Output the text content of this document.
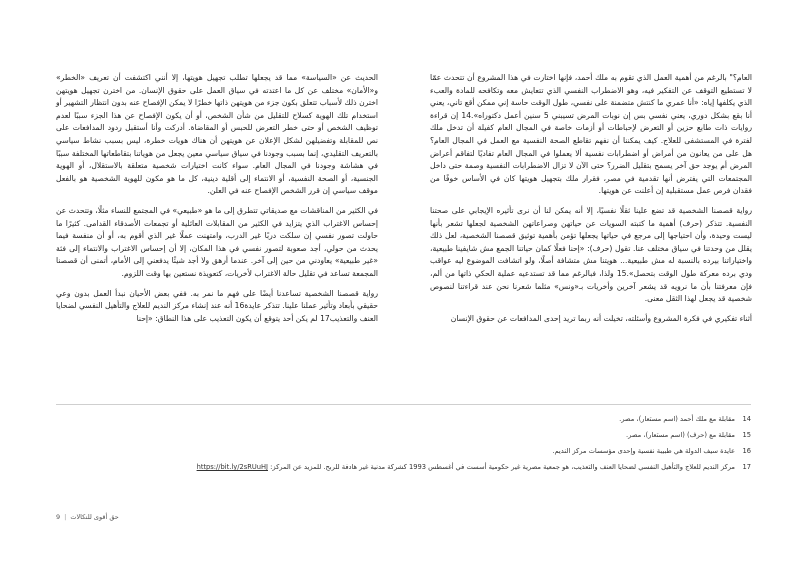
العام؟" بالرغم من أهمية العمل الذي تقوم به ملك أحمد، فإنها اختارت في هذا المشروع أن تتحدث عمّا لا تستطيع التوقف عن التفكير فيه، وهو الاضطراب النفسي الذي تتعايش معه وتكافحه للمادة والعبء الذي يكلفها إياه: «أنا عمري ما كنتش متضمنة على نفسي، طول الوقت حاسة إني ممكن أقع تاني، يعني أنا بقع بشكل دوري، يعني نفسي بس إن نوبات المرض تسيبني 5 سنين أعمل دكتوراه».14 إن قراءة روايات ذات طابع حزين أو التعرض لإحباطات أو أزمات خاصة في المجال العام كفيلة أن تدخل ملك لفترة في المستشفى للعلاج. كيف يمكننا أن نفهم تقاطع الصحة النفسية مع العمل في المجال العام؟ هل على من يعانون من أمراض أو اضطرابات نفسية ألا يعملوا في المجال العام تفاديًا لتفاقم أعراض المرض أم يوجد حق آخر يسمح بتقليل الضرر؟ حتى الآن لا تزال الاضطرابات النفسية وصمة حتى داخل المجتمعات التي يفترض أنها تقدمية في مصر، فقرار ملك بتجهيل هويتها كان في الأساس خوفًا من فقدان فرص عمل مستقبلية إن أعلنت عن هويتها.

رواية قصصنا الشخصية قد تضع علينا ثقلًا نفسيًا، إلا أنه يمكن لنا أن نرى تأثيره الإيجابي على صحتنا النفسية. تتذكر (حرف) أهمية ما كتبته السويات عن حياتهن وصراعاتهن الشخصية لجعلها تشعر بأنها ليست وحيدة، وأن احتياجها إلى مرجع في حياتها يجعلها تؤمن بأهمية توثيق قصصنا الشخصية، لعل ذلك يقلل من وحدتنا في سياق مختلف عنا. تقول (حرف): «إحنا فعلًا كمان حياتنا الجمع مش شايفينا طبيعية، واختياراتنا بيرده بالنسبة له مش طبيعية... هويتنا مش متشافة أصلًا، ولو اتشافت الموضوع ليه عواقب ودي برده معركة طول الوقت بتحصل».15 ولذا، فبالرغم مما قد تستدعيه عملية الحكي ذاتها من ألم، فإن معرفتنا بأن ما نرويه قد يشعر آخرين وأخريات بـ«ونس» مثلما شعرنا نحن عند قراءتنا لنصوص شخصية قد يجعل لهذا الثقل معنى.

أثناء تفكيري في فكرة المشروع وأسئلته، تخيلت أنه ربما تريد إحدى المدافعات عن حقوق الإنسان

الحديث عن «السياسة» مما قد يجعلها تطلب تجهيل هويتها، إلا أنني اكتشفت أن تعريف «الخطر» و«الأمان» مختلف عن كل ما اعتدته في سياق العمل على حقوق الإنسان. من اخترن تجهيل هويتهن اخترن ذلك لأسباب تتعلق بكون جزء من هويتهن ذاتها خطرًا لا يمكن الإفصاح عنه بدون انتظار التشهير أو استخدام تلك الهوية كسلاح للتقليل من شأن الشخص، أو أن يكون الإفصاح عن هذا الجزء سببًا لعدم توظيف الشخص أو حتى خطر التعرض للحبس أو المقاضاة. أدركت وأنا أستقبل ردود المدافعات على نص للمقابلة وتفضيلهن لشكل الإعلان عن هويتهن أن هناك هويات خطرة، ليس بسبب نشاط سياسي بالتعريف التقليدي، إنما بسبب وجودنا في سياق سياسي معين يجعل من هوياتنا بتقاطعاتها المختلفة سببًا في هشاشة وجودنا في المجال العام. سواء كانت اختيارات شخصية متعلقة بالاستقلال، أو الهوية الجنسية، أو الصحة النفسية، أو الانتماء إلى أقلية دينية، كل ما هو مكون للهوية الشخصية هو بالفعل موقف سياسي إن قرر الشخص الإفصاح عنه في العلن.

في الكثير من المناقشات مع صديقاتي تتطرق إلى ما هو «طبيعي» في المجتمع للنساء مثلًا، وتتحدث عن إحساس الاغتراب الذي يتزايد في الكثير من المقابلات العائلية أو تجمعات الأصدقاء القدامى. كثيرًا ما حاولت تصور نفسي إن سلكت دربًا غير الدرب، وامتهنت عملًا غير الذي أقوم به، أو أن منفسة فيما يحدث من حولي، أجد صعوبة لتصور نفسي في هذا المكان، إلا أن إحساس الاغتراب والانتماء إلى فئة «غير طبيعية» يعاودني من حين إلى آخر. عندما أرهق ولا أجد شيئًا يدفعني إلى الأمام، أتمنى أن قصصنا المجمعة تساعد في تقليل حالة الاغتراب لأخريات، كتعويذة نستعين بها وقت اللزوم.

رواية قصصنا الشخصية تساعدنا أيضًا على فهم ما نمر به. ففي بعض الأحيان نبدأ العمل بدون وعي حقيقي بأبعاد وتأثير عملنا علينا. تتذكر عايدة16 أنه عند إنشاء مركز النديم للعلاج والتأهيل النفسي لضحايا العنف والتعذيب17 لم يكن أحد يتوقع أن يكون التعذيب على هذا النطاق: «إحنا

14
مقابلة مع ملك أحمد (اسم مستعار)، مصر.
15
مقابلة مع (حرف) (اسم مستعار)، مصر.
16
عايدة سيف الدولة هي طبيبة نفسية وإحدى مؤسسات مركز النديم.
17
مركز النديم للعلاج والتأهيل النفسي لضحايا العنف والتعذيب، هو جمعية مصرية غير حكومية أسست في أغسطس 1993 كشركة مدنية غير هادفة للربح. للمزيد عن المركز: https://bit.ly/2sRUuHJ
9 | حق أقوى للنكالات
